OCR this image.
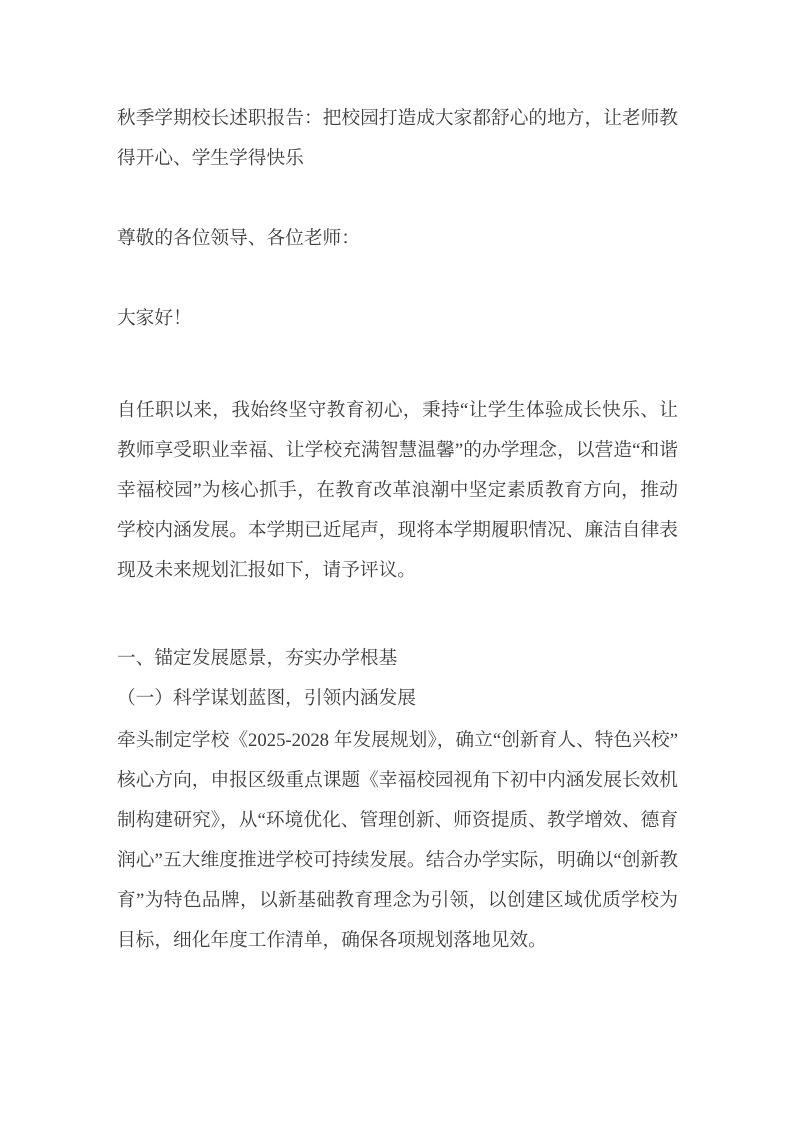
秋季学期校长述职报告：把校园打造成大家都舒心的地方，让老师教得开心、学生学得快乐

尊敬的各位领导、各位老师：

大家好！

自任职以来，我始终坚守教育初心，秉持“让学生体验成长快乐、让教师享受职业幸福、让学校充满智慧温馨”的办学理念，以营造“和谐幸福校园”为核心抓手，在教育改革浪潮中坚定素质教育方向，推动学校内涵发展。本学期已近尾声，现将本学期履职情况、廉洁自律表现及未来规划汇报如下，请予评议。

一、锚定发展愿景，夯实办学根基

（一）科学谋划蓝图，引领内涵发展

牵头制定学校《2025-2028 年发展规划》，确立“创新育人、特色兴校”核心方向，申报区级重点课题《幸福校园视角下初中内涵发展长效机制构建研究》，从“环境优化、管理创新、师资提质、教学增效、德育润心”五大维度推进学校可持续发展。结合办学实际，明确以“创新教育”为特色品牌，以新基础教育理念为引领，以创建区域优质学校为目标，细化年度工作清单，确保各项规划落地见效。
